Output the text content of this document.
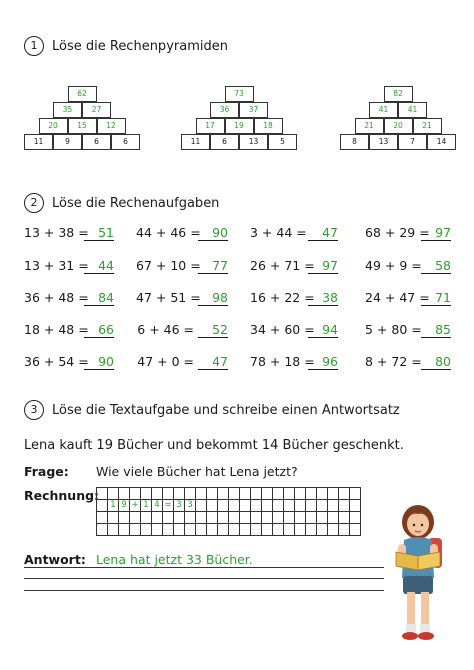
1	Löse die Rechenpyramiden
2	Löse die Rechenaufgaben
3	Löse die Textaufgabe und schreibe einen Antwortsatz
62
35	27
20	15	12
11	9	6	6
73
36	37
17	19	18
11	6	13	5
82
41	41
21	20	21
8	13	7	14
13 + 38 = 51 44 + 46 = 90 3 + 44 =	47 68 + 29 = 97
13 + 31 = 44 67 + 10 = 77 26 + 71 = 97 49 + 9 =	58
36 + 48 = 84 47 + 51 = 98 16 + 22 = 38 24 + 47 = 71
18 + 48 = 66 6 + 46 =	52 34 + 60 = 94 5 + 80 =	85
36 + 54 = 90 47 + 0 =	47 78 + 18 = 96 8 + 72 =	80
Lena kauft 19 Bücher und bekommt 14 Bücher geschenkt.
Frage: Wie viele Bücher hat Lena jetzt?
Rechnung:
1 9 + 1 4 = 3 3
Antwort: Lena hat jetzt 33 Bücher.
